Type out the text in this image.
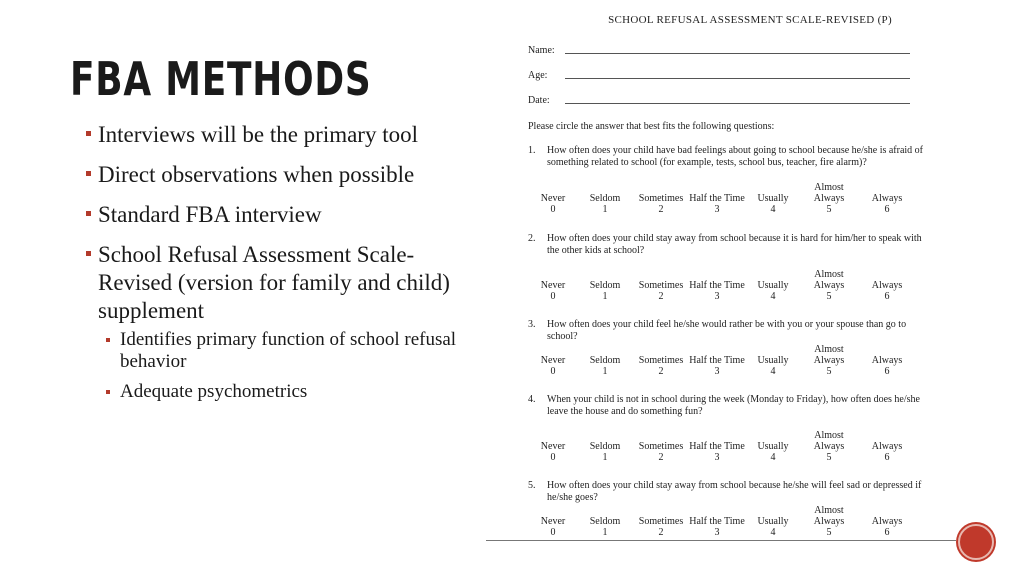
FBA METHODS
Interviews will be the primary tool
Direct observations when possible
Standard FBA interview
School Refusal Assessment Scale-Revised (version for family and child) supplement
Identifies primary function of school refusal behavior
Adequate psychometrics
SCHOOL REFUSAL ASSESSMENT SCALE-REVISED (P)
Name:
Age:
Date:
Please circle the answer that best fits the following questions:
1. How often does your child have bad feelings about going to school because he/she is afraid of something related to school (for example, tests, school bus, teacher, fire alarm)?
Never
0
Seldom
1
Sometimes
2
Half the Time
3
Usually
4
Almost Always
5
Always
6
2. How often does your child stay away from school because it is hard for him/her to speak with the other kids at school?
Never
0
Seldom
1
Sometimes
2
Half the Time
3
Usually
4
Almost Always
5
Always
6
3. How often does your child feel he/she would rather be with you or your spouse than go to school?
Never
0
Seldom
1
Sometimes
2
Half the Time
3
Usually
4
Almost Always
5
Always
6
4. When your child is not in school during the week (Monday to Friday), how often does he/she leave the house and do something fun?
Never
0
Seldom
1
Sometimes
2
Half the Time
3
Usually
4
Almost Always
5
Always
6
5. How often does your child stay away from school because he/she will feel sad or depressed if he/she goes?
Never
0
Seldom
1
Sometimes
2
Half the Time
3
Usually
4
Almost Always
5
Always
6
